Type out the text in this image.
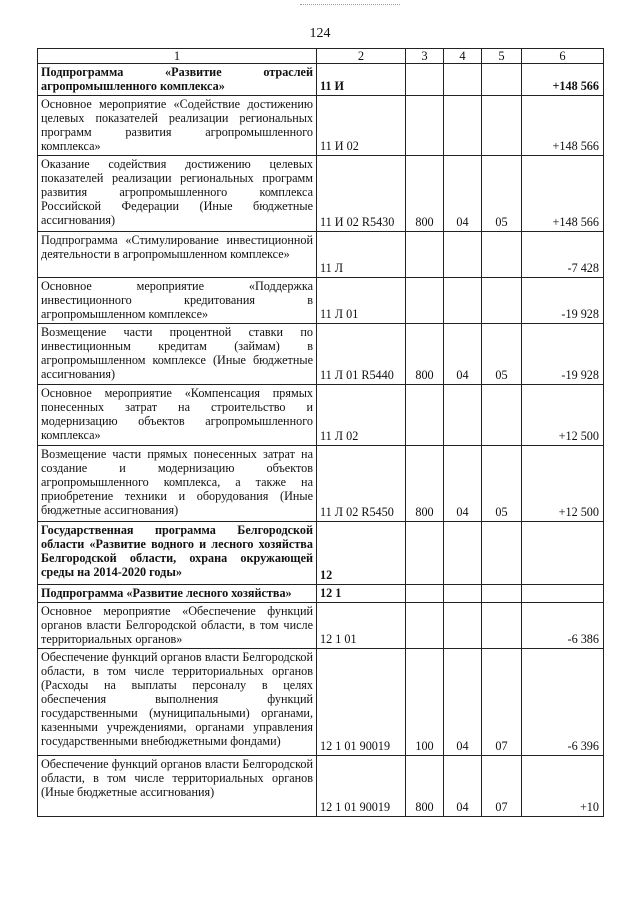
124
1	2	3	4	5	6
Подпрограмма «Развитие отраслей агропромышленного комплекса»	11 И				+148 566
Основное мероприятие «Содействие достижению целевых показателей реализации региональных программ развития агропромышленного комплекса»	11 И 02				+148 566
Оказание содействия достижению целевых показателей реализации региональных программ развития агропромышленного комплекса Российской Федерации (Иные бюджетные ассигнования)	11 И 02 R5430	800	04	05	+148 566
Подпрограмма «Стимулирование инвестиционной деятельности в агропромышленном комплексе»	11 Л				-7 428
Основное мероприятие «Поддержка инвестиционного кредитования в агропромышленном комплексе»	11 Л 01				-19 928
Возмещение части процентной ставки по инвестиционным кредитам (займам) в агропромышленном комплексе (Иные бюджетные ассигнования)	11 Л 01 R5440	800	04	05	-19 928
Основное мероприятие «Компенсация прямых понесенных затрат на строительство и модернизацию объектов агропромышленного комплекса»	11 Л 02				+12 500
Возмещение части прямых понесенных затрат на создание и модернизацию объектов агропромышленного комплекса, а также на приобретение техники и оборудования (Иные бюджетные ассигнования)	11 Л 02 R5450	800	04	05	+12 500
Государственная программа Белгородской области «Развитие водного и лесного хозяйства Белгородской области, охрана окружающей среды на 2014-2020 годы»	12				
Подпрограмма «Развитие лесного хозяйства»	12 1				
Основное мероприятие «Обеспечение функций органов власти Белгородской области, в том числе территориальных органов»	12 1 01				-6 386
Обеспечение функций органов власти Белгородской области, в том числе территориальных органов (Расходы на выплаты персоналу в целях обеспечения выполнения функций государственными (муниципальными) органами, казенными учреждениями, органами управления государственными внебюджетными фондами)	12 1 01 90019	100	04	07	-6 396
Обеспечение функций органов власти Белгородской области, в том числе территориальных органов (Иные бюджетные ассигнования)	12 1 01 90019	800	04	07	+10
